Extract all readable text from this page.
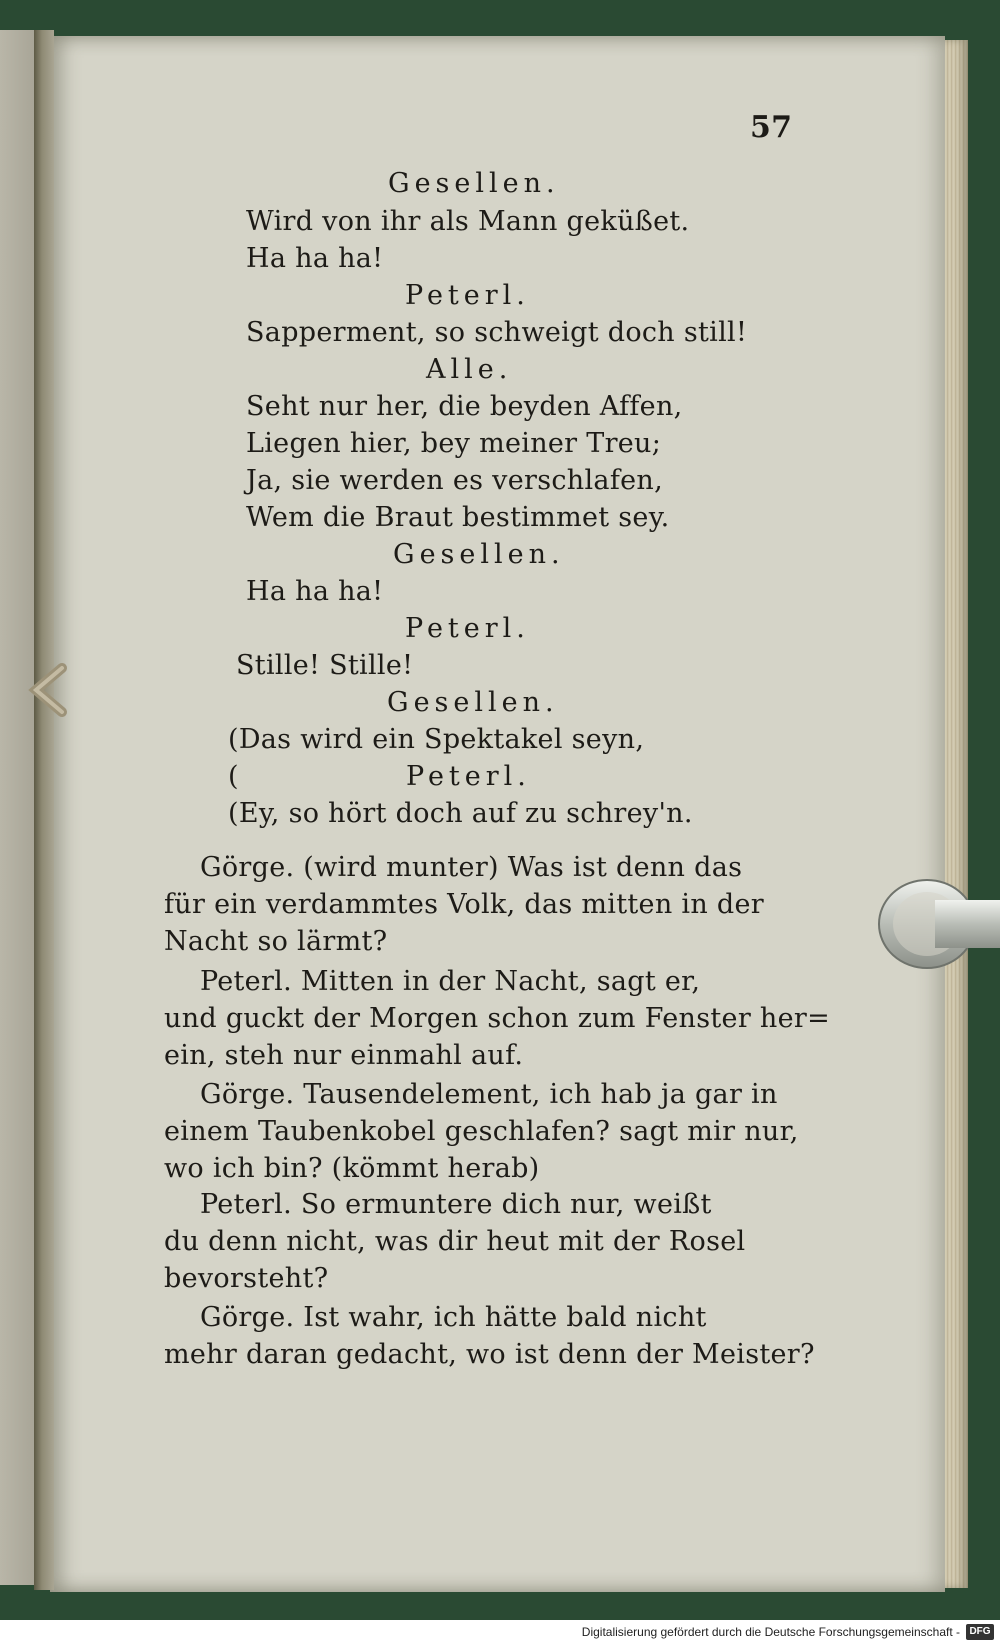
57
Gesellen.
Wird von ihr als Mann geküßet.
Ha ha ha!
Peterl.
Sapperment, so schweigt doch still!
Alle.
Seht nur her, die beyden Affen,
Liegen hier, bey meiner Treu;
Ja, sie werden es verschlafen,
Wem die Braut bestimmet sey.
Gesellen.
Ha ha ha!
Peterl.
Stille! Stille!
Gesellen.
(Das wird ein Spektakel seyn,
(	Peterl.
(Ey, so hört doch auf zu schrey'n.
Görge. (wird munter) Was ist denn das
für ein verdammtes Volk, das mitten in der
Nacht so lärmt?
Peterl. Mitten in der Nacht, sagt er,
und guckt der Morgen schon zum Fenster her=
ein, steh nur einmahl auf.
Görge. Tausendelement, ich hab ja gar in
einem Taubenkobel geschlafen? sagt mir nur,
wo ich bin? (kömmt herab)
Peterl. So ermuntere dich nur, weißt
du denn nicht, was dir heut mit der Rosel
bevorsteht?
Görge. Ist wahr, ich hätte bald nicht
mehr daran gedacht, wo ist denn der Meister?
Digitalisierung gefördert durch die Deutsche Forschungsgemeinschaft - DFG
